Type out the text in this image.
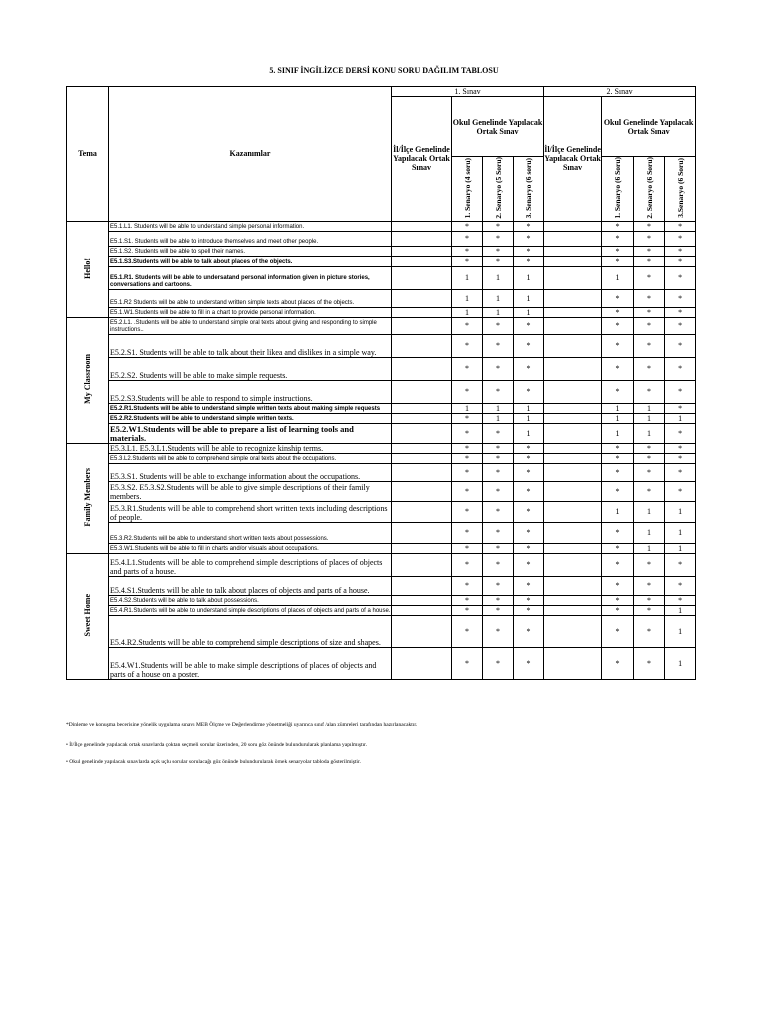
5. SINIF İNGİLİZCE DERSİ KONU SORU DAĞILIM TABLOSU
Tema	Kazanımlar	1. Sınav				2. Sınav			
		İl/İlçe Genelinde Yapılacak Ortak Sınav	Okul Genelinde Yapılacak Ortak Sınav			İl/İlçe Genelinde Yapılacak Ortak Sınav	Okul Genelinde Yapılacak Ortak Sınav		
			1. Senaryo (4 soru)	2. Senaryo (5 Soru)	3. Senaryo (6 soru)		1. Senaryo (6 Soru)	2. Senaryo (6 Soru)	3.Senaryo (6 Soru)
Hello!	E5.1.L1. Students will be able to understand simple personal information.		*	*	*		*	*	*
	E5.1.S1. Students will be able to introduce themselves and meet other people.		*	*	*		*	*	*
	E5.1.S2. Students will be able to spell their names.		*	*	*		*	*	*
	E5.1.S3.Students will be able to talk about places of the objects.		*	*	*		*	*	*
	E5.1.R1. Students will be able to undersatand personal information given in picture stories, conversations and cartoons.		1	1	1		1	*	*
	E5.1.R2 Students will be able to understand written simple texts about places of the objects.		1	1	1		*	*	*
	E5.1.W1.Students will be able to fill in a chart to provide personal information.		1	1	1		*	*	*
My Classroom	E5.2.L1. .Students will be able to understand simple oral texts about giving and responding to simple instructions..		*	*	*		*	*	*
	E5.2.S1. Students will be able to talk about their likea and dislikes in a simple way.		*	*	*		*	*	*
	E5.2.S2. Students will be able to make simple requests.		*	*	*		*	*	*
	E5.2.S3.Students will be able to respond to simple instructions.		*	*	*		*	*	*
	E5.2.R1.Students will be able to understand simple written texts about making simple requests		1	1	1		1	1	*
	E5.2.R2.Students will be able to understand simple written texts.		*	1	1		1	1	1
	E5.2.W1.Students will be able to prepare a list of learning tools and materials.		*	*	1		1	1	*
Family Members	E5.3.L1. E5.3.L1.Students will be able to recognize kinship terms.		*	*	*		*	*	*
	E5.3.L2.Students will be able to comprehend simple oral texts about the occupations.		*	*	*		*	*	*
	E5.3.S1. Students will be able to exchange information about the occupations.		*	*	*		*	*	*
	E5.3.S2. E5.3.S2.Students will be able to give simple descriptions of their family members.		*	*	*		*	*	*
	E5.3.R1.Students will be able to comprehend short written texts including descriptions of people.		*	*	*		1	1	1
	E5.3.R2.Students will be able to understand short written texts about possessions.		*	*	*		*	1	1
	E5.3.W1.Students will be able to fill in charts and/or visuals about occupations.		*	*	*		*	1	1
Sweet Home	E5.4.L1.Students will be able to comprehend simple descriptions of places of objects and parts of a house.		*	*	*		*	*	*
	E5.4.S1.Students will be able to talk about places of objects and parts of a house.		*	*	*		*	*	*
	E5.4.S2.Students will be able to talk about possessions.		*	*	*		*	*	*
	E5.4.R1.Students will be able to understand simple descriptions of places of objects and parts of a house.		*	*	*		*	*	1
	E5.4.R2.Students will be able to comprehend simple descriptions of size and shapes.		*	*	*		*	*	1
	E5.4.W1.Students will be able to make simple descriptions of places of objects and parts of a house on a poster.		*	*	*		*	*	1
*Dinleme ve konuşma becerisine yönelik uygulama sınavı MEB Ölçme ve Değerlendirme yönetmeliği uyarınca sınıf /alan zümreleri tarafından hazırlanacaktır.
• İl/İlçe genelinde yapılacak ortak sınavlarda çoktan seçmeli sorular üzerinden, 20 soru göz önünde bulundurularak planlama yapılmıştır.
• Okul genelinde yapılacak sınavlarda açık uçlu sorular sorulacağı göz önünde bulundurularak örnek senaryolar tabloda gösterilmiştir.
